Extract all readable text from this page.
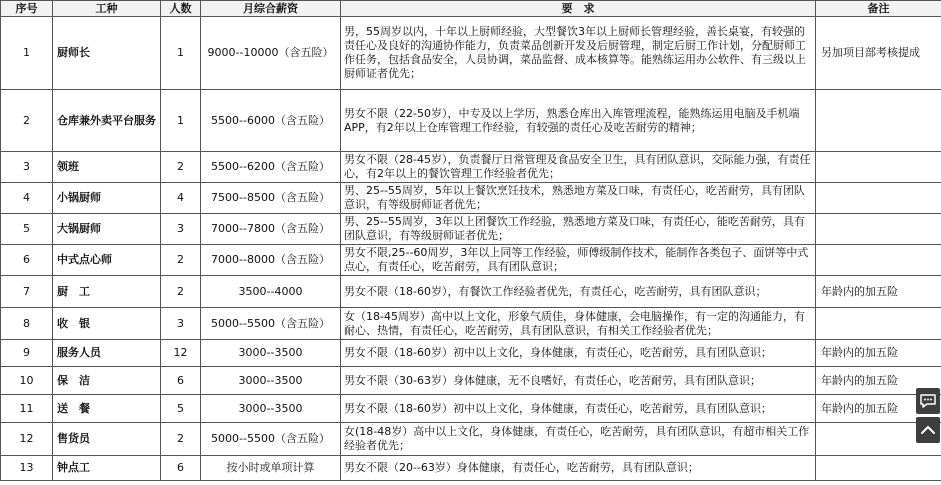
序号	工种	人数	月综合薪资	要　求	备注
1	厨师长	1	9000--10000（含五险）	男，55周岁以内，十年以上厨师经验，大型餐饮3年以上厨师长管理经验，善长桌宴，有较强的责任心及良好的沟通协作能力，负责菜品创新开发及后厨管理，制定后厨工作计划，分配厨师工作任务，包括食品安全，人员协调，菜品监督、成本核算等。能熟练运用办公软件、有三级以上厨师证者优先；	另加项目部考核提成
2	仓库兼外卖平台服务	1	5500--6000（含五险）	男女不限（22-50岁），中专及以上学历，熟悉仓库出入库管理流程，能熟练运用电脑及手机端APP，有2年以上仓库管理工作经验，有较强的责任心及吃苦耐劳的精神；	
3	领班	2	5500--6200（含五险）	男女不限（28-45岁），负责餐厅日常管理及食品安全卫生，具有团队意识，交际能力强，有责任心，有2年以上的餐饮管理工作经验者优先；	
4	小锅厨师	4	7500--8500（含五险）	男、25--55周岁，5年以上餐饮烹饪技术，熟悉地方菜及口味，有责任心，吃苦耐劳，具有团队意识，有等级厨师证者优先；	
5	大锅厨师	3	7000--7800（含五险）	男、25--55周岁，3年以上团餐饮工作经验，熟悉地方菜及口味，有责任心，能吃苦耐劳，具有团队意识，有等级厨师证者优先；	
6	中式点心师	2	7000--8000（含五险）	男女不限,25--60周岁，3年以上同等工作经验，师傅级制作技术，能制作各类包子、面饼等中式点心，有责任心，吃苦耐劳，具有团队意识；	
7	厨　工	2	3500--4000	男女不限（18-60岁），有餐饮工作经验者优先，有责任心，吃苦耐劳，具有团队意识；	年龄内的加五险
8	收　银	3	5000--5500（含五险）	女（18-45周岁）高中以上文化，形象气质佳，身体健康，会电脑操作，有一定的沟通能力，有耐心、热情，有责任心，吃苦耐劳，具有团队意识，有相关工作经验者优先；	
9	服务人员	12	3000--3500	男女不限（18-60岁）初中以上文化，身体健康，有责任心，吃苦耐劳，具有团队意识；	年龄内的加五险
10	保　洁	6	3000--3500	男女不限（30-63岁）身体健康，无不良嗜好，有责任心，吃苦耐劳，具有团队意识；	年龄内的加五险
11	送　餐	5	3000--3500	男女不限（18-60岁）初中以上文化，身体健康，有责任心，吃苦耐劳，具有团队意识；	年龄内的加五险
12	售货员	2	5000--5500（含五险）	女(18-48岁）高中以上文化，身体健康，有责任心，吃苦耐劳，具有团队意识，有超市相关工作经验者优先；	
13	钟点工	6	按小时或单项计算	男女不限（20--63岁）身体健康，有责任心，吃苦耐劳，具有团队意识；	
